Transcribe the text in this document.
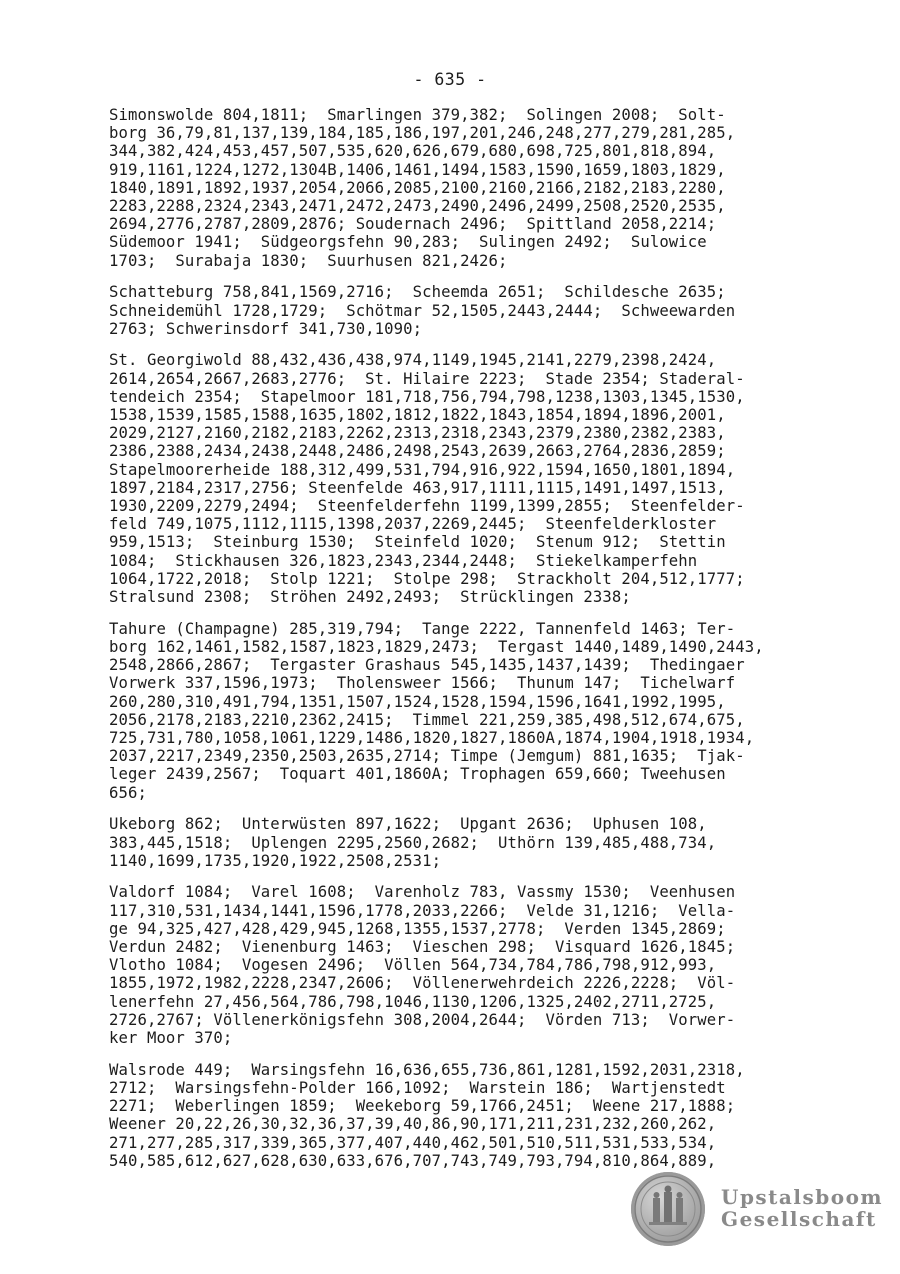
- 635 -
Simonswolde 804,1811;  Smarlingen 379,382;  Solingen 2008;  Solt-
borg 36,79,81,137,139,184,185,186,197,201,246,248,277,279,281,285,
344,382,424,453,457,507,535,620,626,679,680,698,725,801,818,894,
919,1161,1224,1272,1304B,1406,1461,1494,1583,1590,1659,1803,1829,
1840,1891,1892,1937,2054,2066,2085,2100,2160,2166,2182,2183,2280,
2283,2288,2324,2343,2471,2472,2473,2490,2496,2499,2508,2520,2535,
2694,2776,2787,2809,2876; Soudernach 2496;  Spittland 2058,2214;
Südemoor 1941;  Südgeorgsfehn 90,283;  Sulingen 2492;  Sulowice
1703;  Surabaja 1830;  Suurhusen 821,2426;
Schatteburg 758,841,1569,2716;  Scheemda 2651;  Schildesche 2635;
Schneidemühl 1728,1729;  Schötmar 52,1505,2443,2444;  Schweewarden
2763; Schwerinsdorf 341,730,1090;
St. Georgiwold 88,432,436,438,974,1149,1945,2141,2279,2398,2424,
2614,2654,2667,2683,2776;  St. Hilaire 2223;  Stade 2354; Staderal-
tendeich 2354;  Stapelmoor 181,718,756,794,798,1238,1303,1345,1530,
1538,1539,1585,1588,1635,1802,1812,1822,1843,1854,1894,1896,2001,
2029,2127,2160,2182,2183,2262,2313,2318,2343,2379,2380,2382,2383,
2386,2388,2434,2438,2448,2486,2498,2543,2639,2663,2764,2836,2859;
Stapelmoorerheide 188,312,499,531,794,916,922,1594,1650,1801,1894,
1897,2184,2317,2756; Steenfelde 463,917,1111,1115,1491,1497,1513,
1930,2209,2279,2494;  Steenfelderfehn 1199,1399,2855;  Steenfelder-
feld 749,1075,1112,1115,1398,2037,2269,2445;  Steenfelderkloster
959,1513;  Steinburg 1530;  Steinfeld 1020;  Stenum 912;  Stettin
1084;  Stickhausen 326,1823,2343,2344,2448;  Stiekelkamperfehn
1064,1722,2018;  Stolp 1221;  Stolpe 298;  Strackholt 204,512,1777;
Stralsund 2308;  Ströhen 2492,2493;  Strücklingen 2338;
Tahure (Champagne) 285,319,794;  Tange 2222, Tannenfeld 1463; Ter-
borg 162,1461,1582,1587,1823,1829,2473;  Tergast 1440,1489,1490,2443,
2548,2866,2867;  Tergaster Grashaus 545,1435,1437,1439;  Thedingaer
Vorwerk 337,1596,1973;  Tholensweer 1566;  Thunum 147;  Tichelwarf
260,280,310,491,794,1351,1507,1524,1528,1594,1596,1641,1992,1995,
2056,2178,2183,2210,2362,2415;  Timmel 221,259,385,498,512,674,675,
725,731,780,1058,1061,1229,1486,1820,1827,1860A,1874,1904,1918,1934,
2037,2217,2349,2350,2503,2635,2714; Timpe (Jemgum) 881,1635;  Tjak-
leger 2439,2567;  Toquart 401,1860A; Trophagen 659,660; Tweehusen
656;
Ukeborg 862;  Unterwüsten 897,1622;  Upgant 2636;  Uphusen 108,
383,445,1518;  Uplengen 2295,2560,2682;  Uthörn 139,485,488,734,
1140,1699,1735,1920,1922,2508,2531;
Valdorf 1084;  Varel 1608;  Varenholz 783, Vassmy 1530;  Veenhusen
117,310,531,1434,1441,1596,1778,2033,2266;  Velde 31,1216;  Vella-
ge 94,325,427,428,429,945,1268,1355,1537,2778;  Verden 1345,2869;
Verdun 2482;  Vienenburg 1463;  Vieschen 298;  Visquard 1626,1845;
Vlotho 1084;  Vogesen 2496;  Völlen 564,734,784,786,798,912,993,
1855,1972,1982,2228,2347,2606;  Völlenerwehrdeich 2226,2228;  Völ-
lenerfehn 27,456,564,786,798,1046,1130,1206,1325,2402,2711,2725,
2726,2767; Völlenerkönigsfehn 308,2004,2644;  Vörden 713;  Vorwer-
ker Moor 370;
Walsrode 449;  Warsingsfehn 16,636,655,736,861,1281,1592,2031,2318,
2712;  Warsingsfehn-Polder 166,1092;  Warstein 186;  Wartjenstedt
2271;  Weberlingen 1859;  Weekeborg 59,1766,2451;  Weene 217,1888;
Weener 20,22,26,30,32,36,37,39,40,86,90,171,211,231,232,260,262,
271,277,285,317,339,365,377,407,440,462,501,510,511,531,533,534,
540,585,612,627,628,630,633,676,707,743,749,793,794,810,864,889,
Upstalsboom
Gesellschaft
